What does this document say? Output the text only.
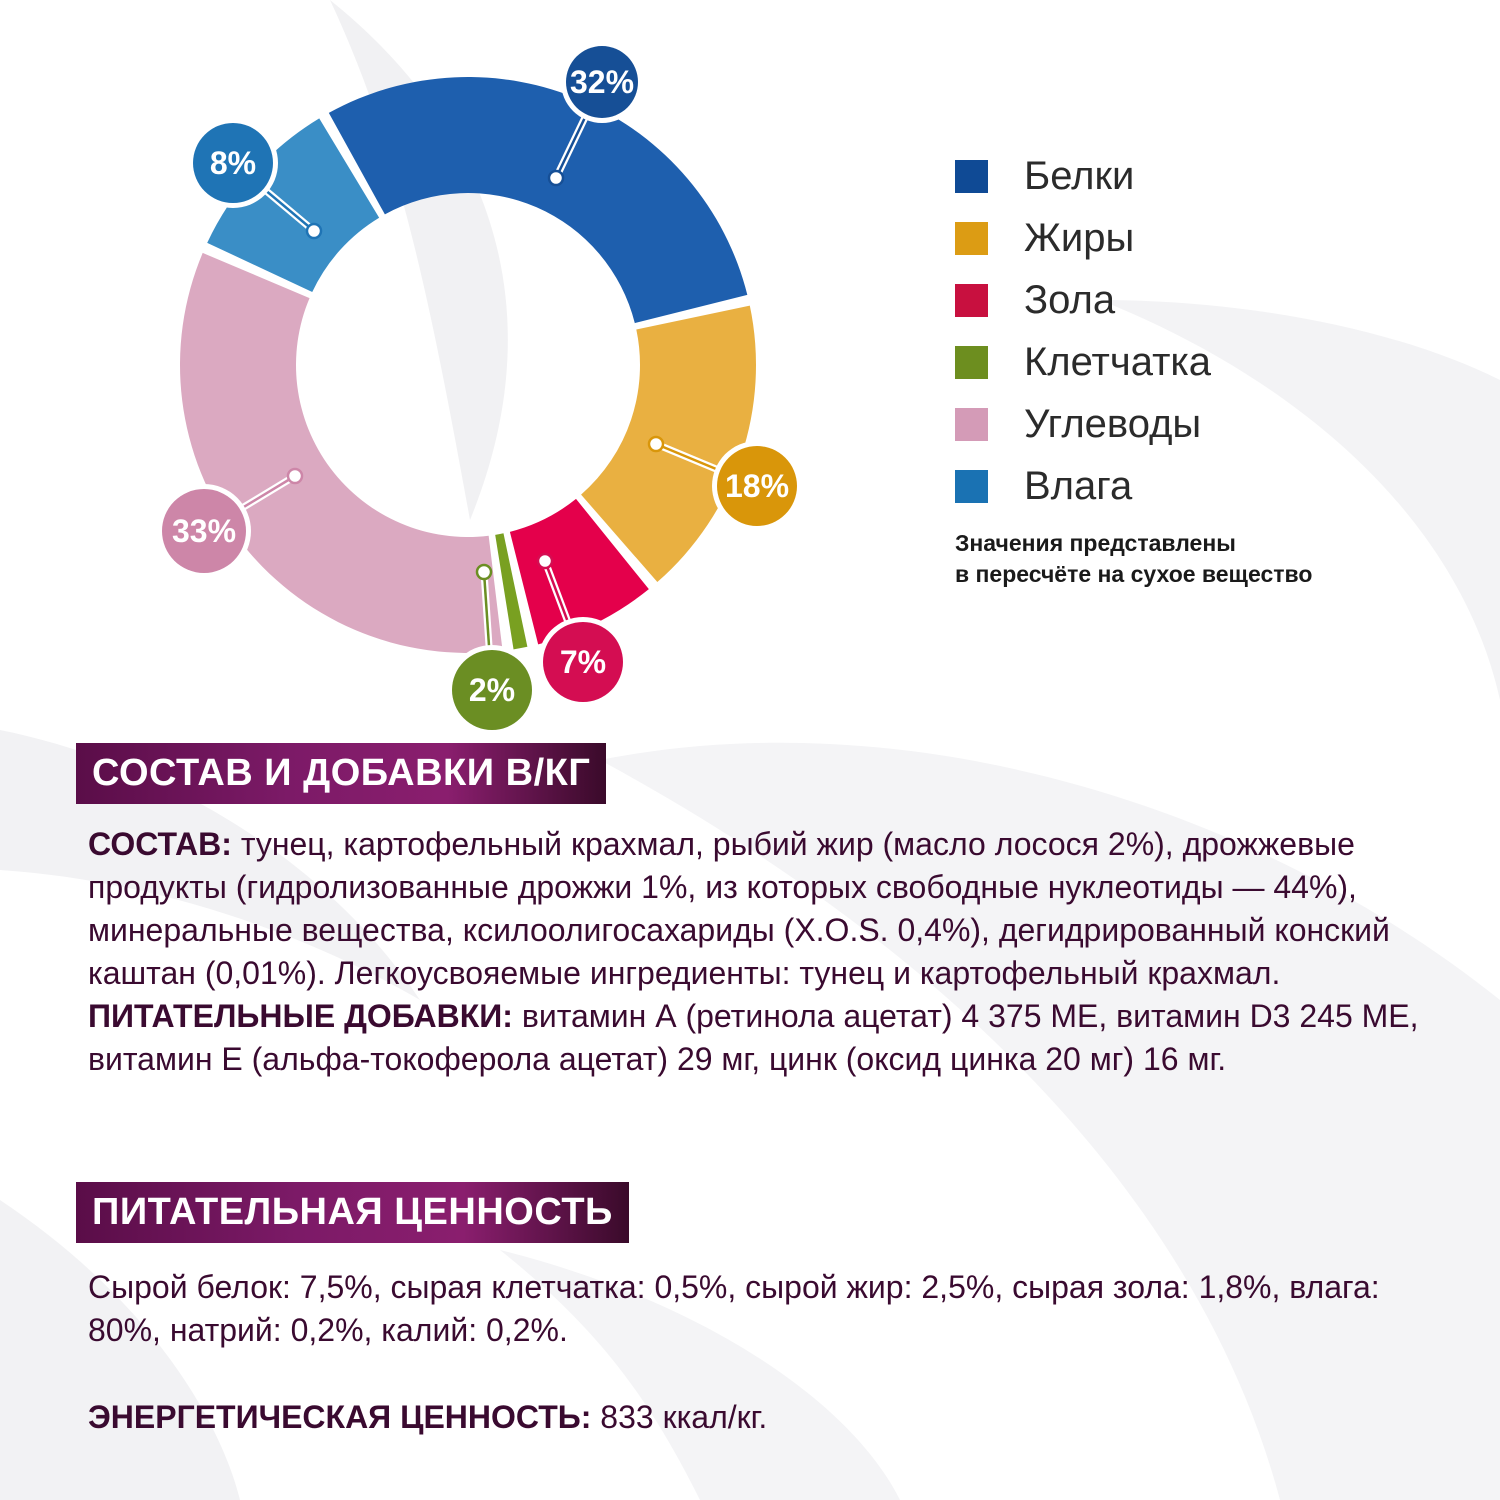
32%
18%
7%
2%
33%
8%	Белки
Жиры
Зола
Клетчатка
Углеводы
Влага
Значения представлены
в пересчёте на сухое вещество
СОСТАВ И ДОБАВКИ В/КГ
СОСТАВ: тунец, картофельный крахмал, рыбий жир (масло лосося 2%), дрожжевые продукты (гидролизованные дрожжи 1%, из которых свободные нуклеотиды — 44%), минеральные вещества, ксилоолигосахариды (X.O.S. 0,4%), дегидрированный конский каштан (0,01%). Легкоусвояемые ингредиенты: тунец и картофельный крахмал.
ПИТАТЕЛЬНЫЕ ДОБАВКИ: витамин А (ретинола ацетат) 4 375 МЕ, витамин D3 245 МЕ, витамин Е (альфа-токоферола ацетат) 29 мг, цинк (оксид цинка 20 мг) 16 мг.
ПИТАТЕЛЬНАЯ ЦЕННОСТЬ
Сырой белок: 7,5%, сырая клетчатка: 0,5%, сырой жир: 2,5%, сырая зола: 1,8%, влага: 80%, натрий: 0,2%, калий: 0,2%.
ЭНЕРГЕТИЧЕСКАЯ ЦЕННОСТЬ: 833 ккал/кг.
